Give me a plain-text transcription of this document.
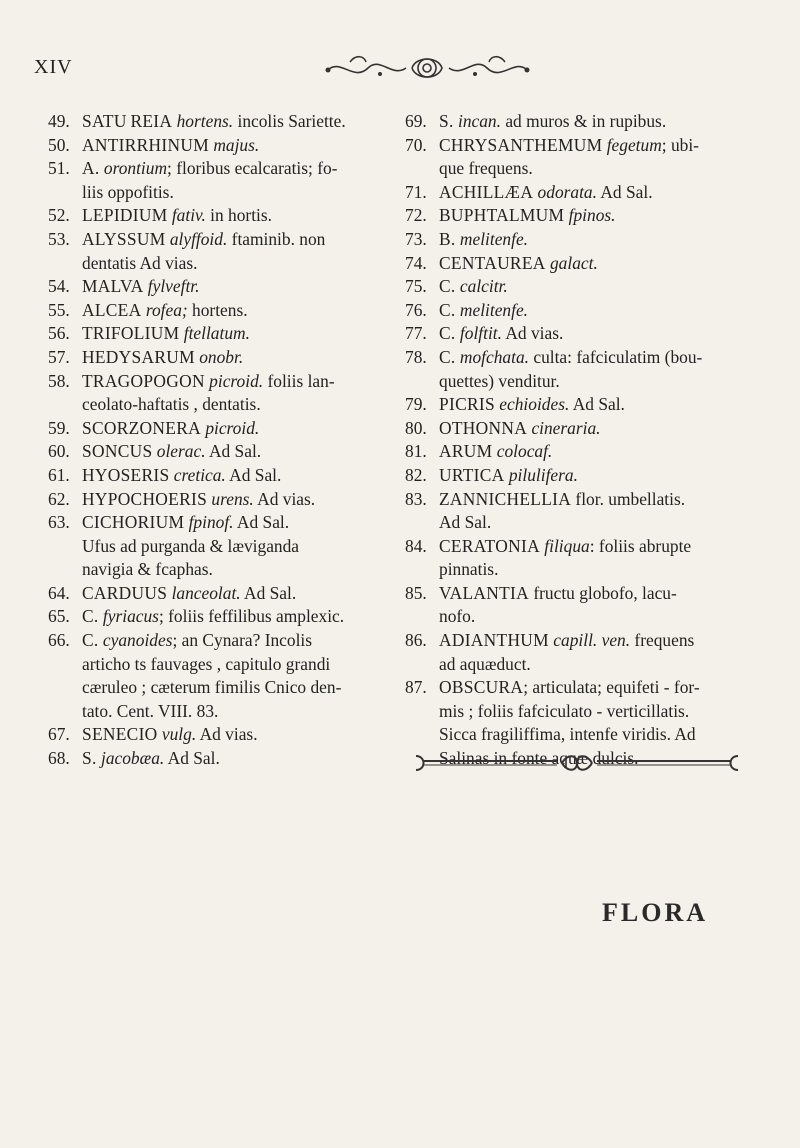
XIV
49. SATU REIA hortens. incolis Sariette.
50. ANTIRRHINUM majus.
51. A. orontium; floribus ecalcaratis; fo-
liis oppofitis.
52. LEPIDIUM fativ. in hortis.
53. ALYSSUM alyffoid. ftaminib. non
dentatis Ad vias.
54. MALVA fylveftr.
55. ALCEA rofea; hortens.
56. TRIFOLIUM ftellatum.
57. HEDYSARUM onobr.
58. TRAGOPOGON picroid. foliis lan-
ceolato-haftatis , dentatis.
59. SCORZONERA picroid.
60. SONCUS olerac. Ad Sal.
61. HYOSERIS cretica. Ad Sal.
62. HYPOCHOERIS urens. Ad vias.
63. CICHORIUM fpinof. Ad Sal.
Ufus ad purganda & læviganda
navigia & fcaphas.
64. CARDUUS lanceolat. Ad Sal.
65. C. fyriacus; foliis feffilibus amplexic.
66. C. cyanoides; an Cynara? Incolis
articho ts fauvages , capitulo grandi
cæruleo ; cæterum fimilis Cnico den-
tato. Cent. VIII. 83.
67. SENECIO vulg. Ad vias.
68. S. jacobæa. Ad Sal.
69. S. incan. ad muros & in rupibus.
70. CHRYSANTHEMUM fegetum; ubi-
que frequens.
71. ACHILLÆA odorata. Ad Sal.
72. BUPHTALMUM fpinos.
73. B. melitenfe.
74. CENTAUREA galact.
75. C. calcitr.
76. C. melitenfe.
77. C. folftit. Ad vias.
78. C. mofchata. culta: fafciculatim (bou-
quettes) venditur.
79. PICRIS echioides. Ad Sal.
80. OTHONNA cineraria.
81. ARUM colocaf.
82. URTICA pilulifera.
83. ZANNICHELLIA flor. umbellatis.
Ad Sal.
84. CERATONIA filiqua: foliis abrupte
pinnatis.
85. VALANTIA fructu globofo, lacu-
nofo.
86. ADIANTHUM capill. ven. frequens
ad aquæduct.
87. OBSCURA; articulata; equifeti - for-
mis ; foliis fafciculato - verticillatis.
Sicca fragiliffima, intenfe viridis. Ad
Salinas in fonte aquæ dulcis.
FLORA
